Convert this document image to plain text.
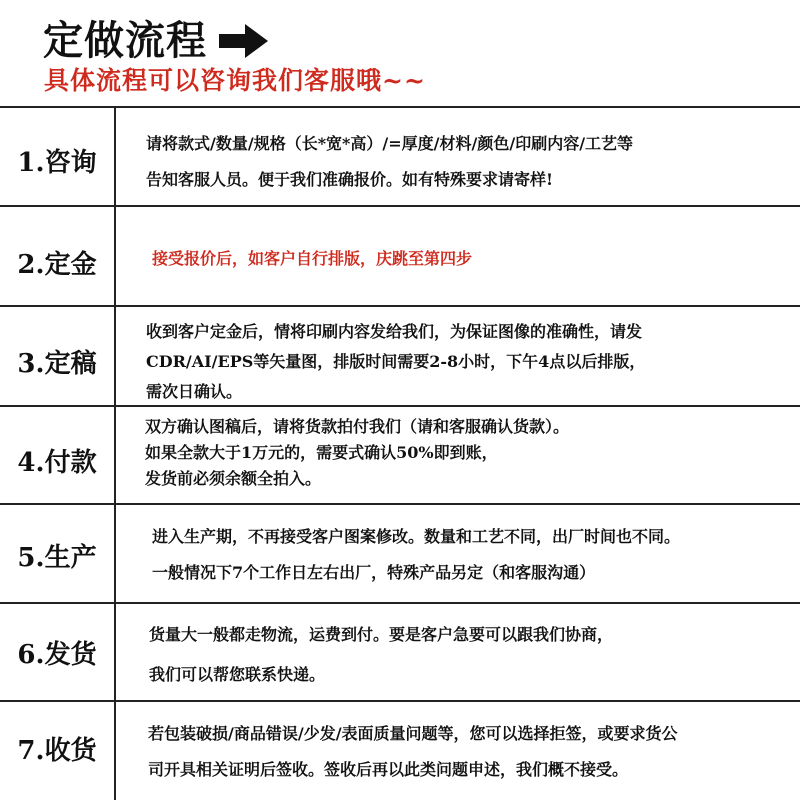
定做流程
具体流程可以咨询我们客服哦~~
1.咨询
请将款式/数量/规格（长*宽*高）/=厚度/材料/颜色/印刷内容/工艺等
告知客服人员。便于我们准确报价。如有特殊要求请寄样!
2.定金	接受报价后，如客户自行排版，庆跳至第四步
3.定稿
收到客户定金后，情将印刷内容发给我们，为保证图像的准确性，请发
CDR/AI/EPS等矢量图，排版时间需要2-8小时，下午4点以后排版，
需次日确认。
4.付款
双方确认图稿后，请将货款拍付我们（请和客服确认货款）。
如果全款大于1万元的，需要式确认50%即到账，
发货前必须余额全拍入。
5.生产
进入生产期，不再接受客户图案修改。数量和工艺不同，出厂时间也不同。
一般情况下7个工作日左右出厂，特殊产品另定（和客服沟通）
6.发货
货量大一般都走物流，运费到付。要是客户急要可以跟我们协商，
我们可以帮您联系快递。
7.收货
若包装破损/商品错误/少发/表面质量问题等，您可以选择拒签，或要求货公
司开具相关证明后签收。签收后再以此类问题申述，我们概不接受。
